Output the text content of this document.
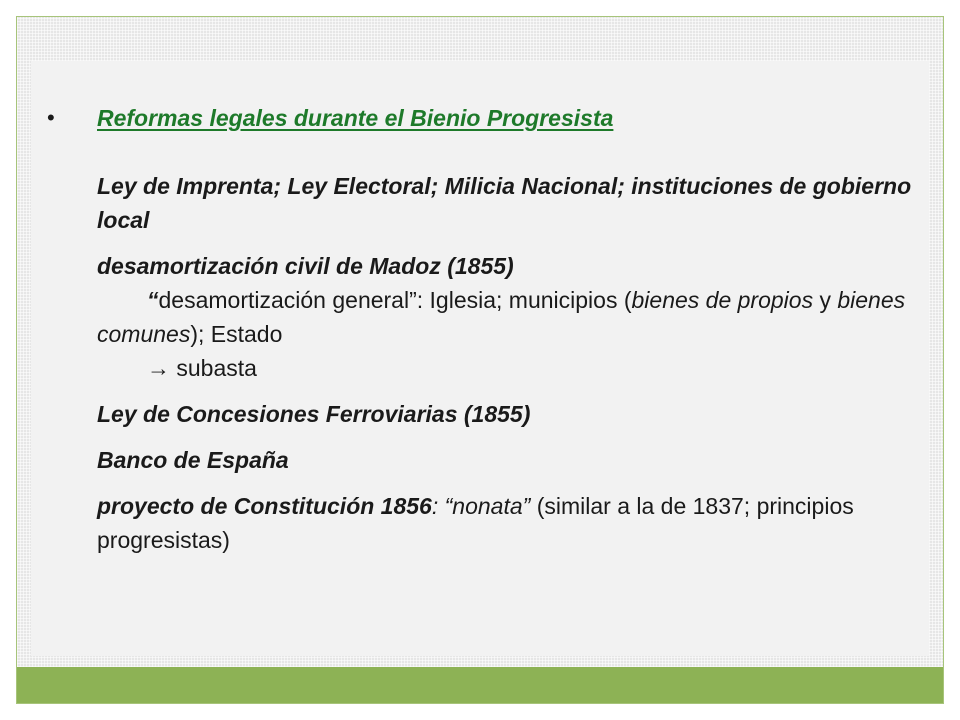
• Reformas legales durante el Bienio Progresista
Ley de Imprenta; Ley Electoral; Milicia Nacional; instituciones de gobierno local
desamortización civil de Madoz (1855)
“desamortización general”: Iglesia; municipios (bienes de propios y bienes comunes); Estado
→ subasta
Ley de Concesiones Ferroviarias (1855)
Banco de España
proyecto de Constitución 1856: “nonata” (similar a la de 1837; principios progresistas)
